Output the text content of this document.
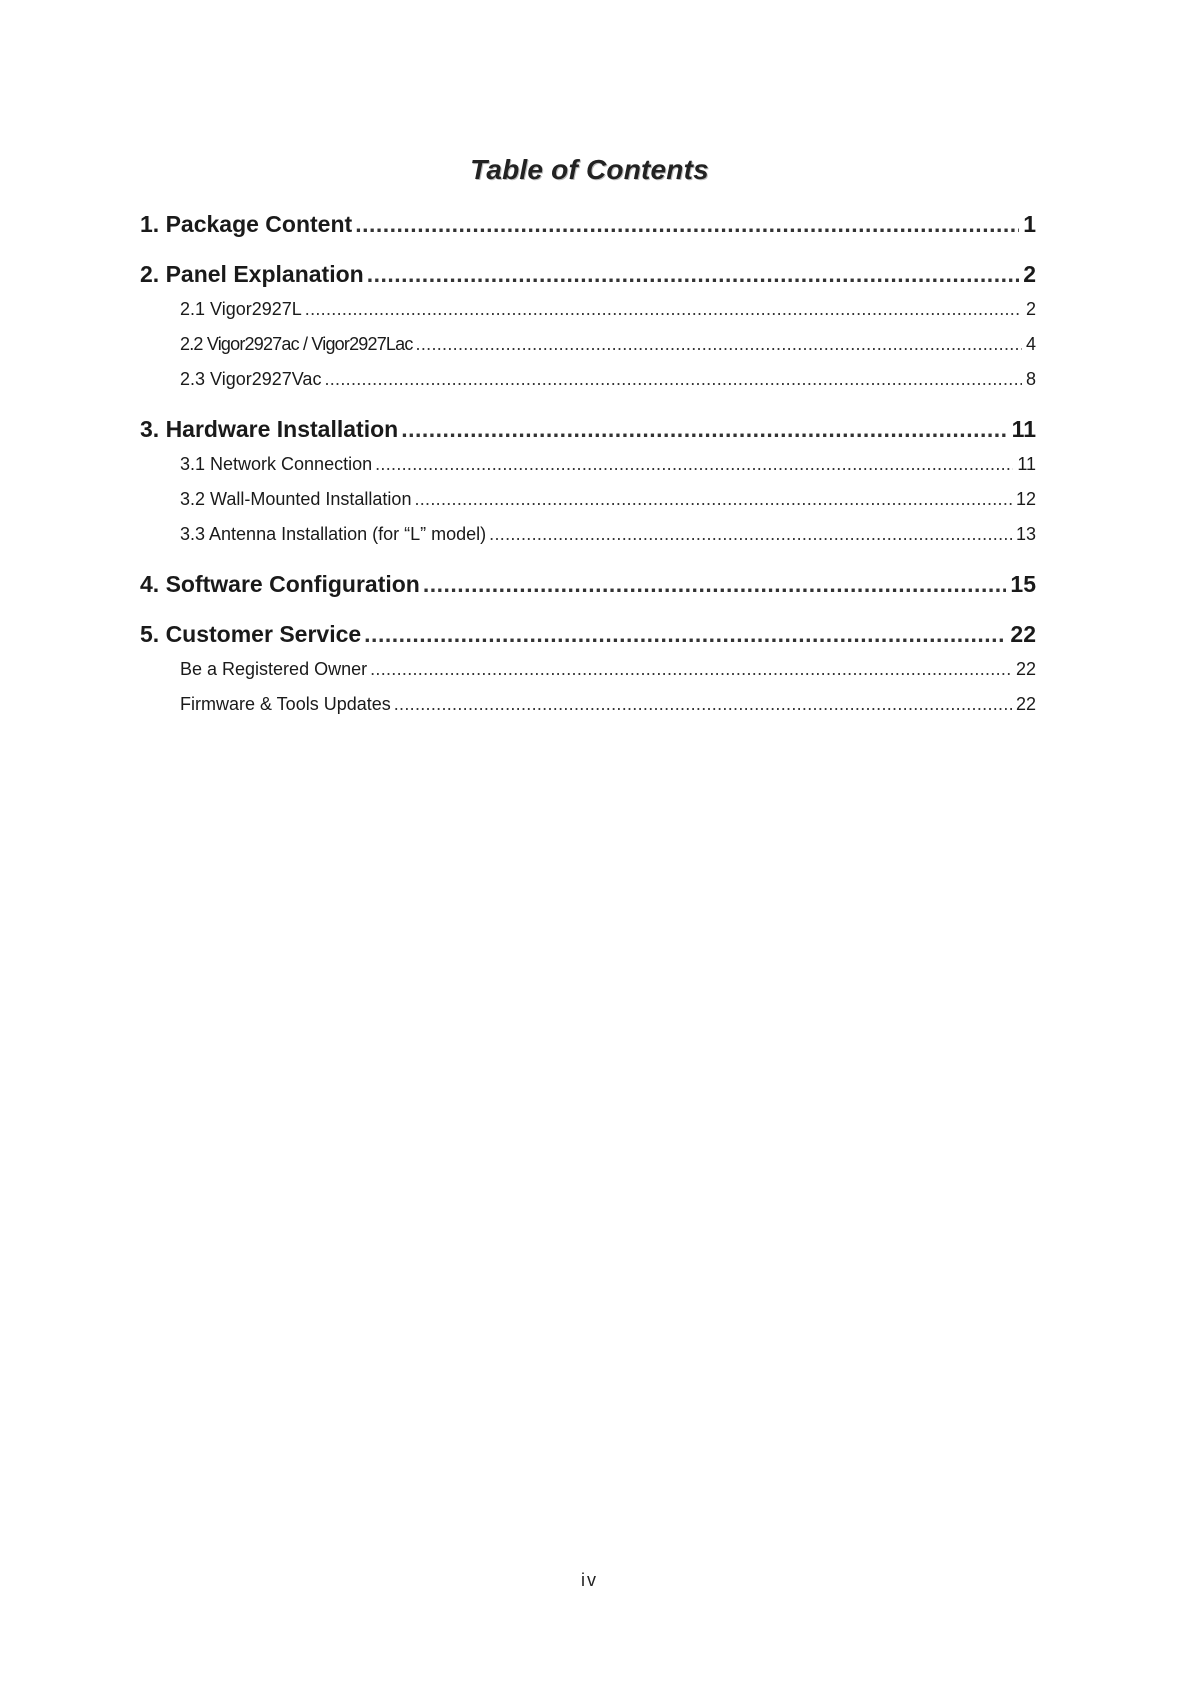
Table of Contents
1. Package Content .....	1
2. Panel Explanation .....	2
2.1 Vigor2927L .....	2
2.2 Vigor2927ac / Vigor2927Lac .....	4
2.3 Vigor2927Vac .....	8
3. Hardware Installation .....	11
3.1 Network Connection .....	11
3.2 Wall-Mounted Installation .....	12
3.3 Antenna Installation (for “L” model) .....	13
4. Software Configuration .....	15
5. Customer Service .....	22
Be a Registered Owner .....	22
Firmware & Tools Updates .....	22
iv
